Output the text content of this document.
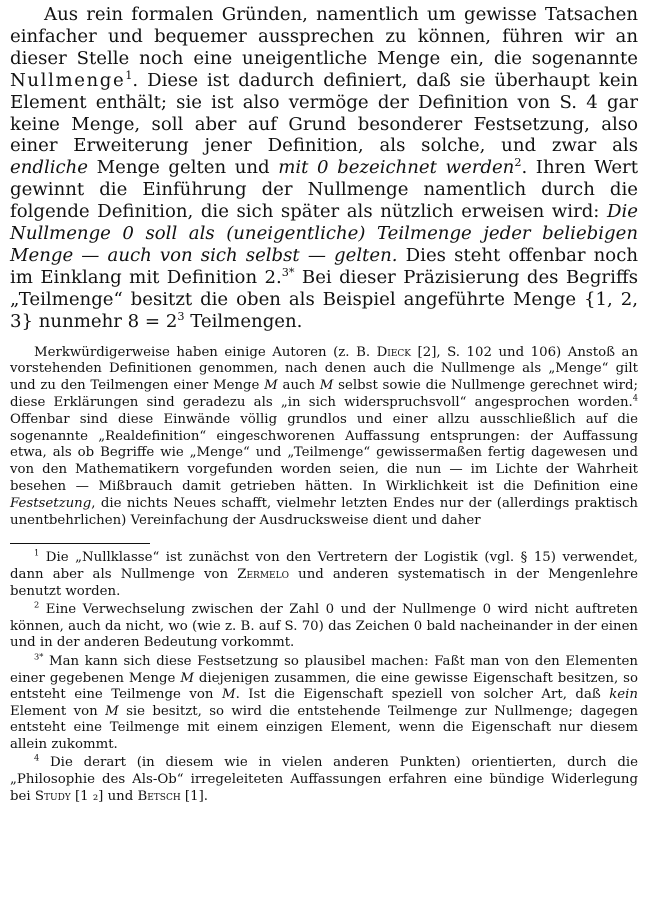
Aus rein formalen Gründen, namentlich um gewisse Tatsachen einfacher und bequemer aussprechen zu können, führen wir an dieser Stelle noch eine uneigentliche Menge ein, die sogenannte Nullmenge$^1$. Diese ist dadurch definiert, daß sie überhaupt kein Element enthält; sie ist also vermöge der Definition von S. 4 gar keine Menge, soll aber auf Grund besonderer Festsetzung, also einer Erweiterung jener Definition, als solche, und zwar als endliche Menge gelten und mit 0 bezeichnet werden$^2$. Ihren Wert gewinnt die Einführung der Nullmenge namentlich durch die folgende Definition, die sich später als nützlich erweisen wird: Die Nullmenge 0 soll als (uneigentliche) Teilmenge jeder beliebigen Menge — auch von sich selbst — gelten. Dies steht offenbar noch im Einklang mit Definition 2.$^{3*}$ Bei dieser Präzisierung des Begriffs „Teilmenge“ besitzt die oben als Beispiel angeführte Menge {1, 2, 3} nunmehr $8 = 2^3$ Teilmengen.

Merkwürdigerweise haben einige Autoren (z. B. Dieck [2], S. 102 und 106) Anstoß an vorstehenden Definitionen genommen, nach denen auch die Nullmenge als „Menge“ gilt und zu den Teilmengen einer Menge M auch M selbst sowie die Nullmenge gerechnet wird; diese Erklärungen sind geradezu als „in sich widerspruchsvoll“ angesprochen worden.$^4$ Offenbar sind diese Einwände völlig grundlos und einer allzu ausschließlich auf die sogenannte „Realdefinition“ eingeschworenen Auffassung entsprungen: der Auffassung etwa, als ob Begriffe wie „Menge“ und „Teilmenge“ gewissermaßen fertig dagewesen und von den Mathematikern vorgefunden worden seien, die nun — im Lichte der Wahrheit besehen — Mißbrauch damit getrieben hätten. In Wirklichkeit ist die Definition eine Festsetzung, die nichts Neues schafft, vielmehr letzten Endes nur der (allerdings praktisch unentbehrlichen) Vereinfachung der Ausdrucksweise dient und daher

$^1$ Die „Nullklasse“ ist zunächst von den Vertretern der Logistik (vgl. § 15) verwendet, dann aber als Nullmenge von Zermelo und anderen systematisch in der Mengenlehre benutzt worden.

$^2$ Eine Verwechselung zwischen der Zahl 0 und der Nullmenge 0 wird nicht auftreten können, auch da nicht, wo (wie z. B. auf S. 70) das Zeichen 0 bald nacheinander in der einen und in der anderen Bedeutung vorkommt.

$^{3*}$ Man kann sich diese Festsetzung so plausibel machen: Faßt man von den Elementen einer gegebenen Menge M diejenigen zusammen, die eine gewisse Eigenschaft besitzen, so entsteht eine Teilmenge von M. Ist die Eigenschaft speziell von solcher Art, daß kein Element von M sie besitzt, so wird die entstehende Teilmenge zur Nullmenge; dagegen entsteht eine Teilmenge mit einem einzigen Element, wenn die Eigenschaft nur diesem allein zukommt.

$^4$ Die derart (in diesem wie in vielen anderen Punkten) orientierten, durch die „Philosophie des Als-Ob“ irregeleiteten Auffassungen erfahren eine bündige Widerlegung bei Study [1 ₂] und Betsch [1].
